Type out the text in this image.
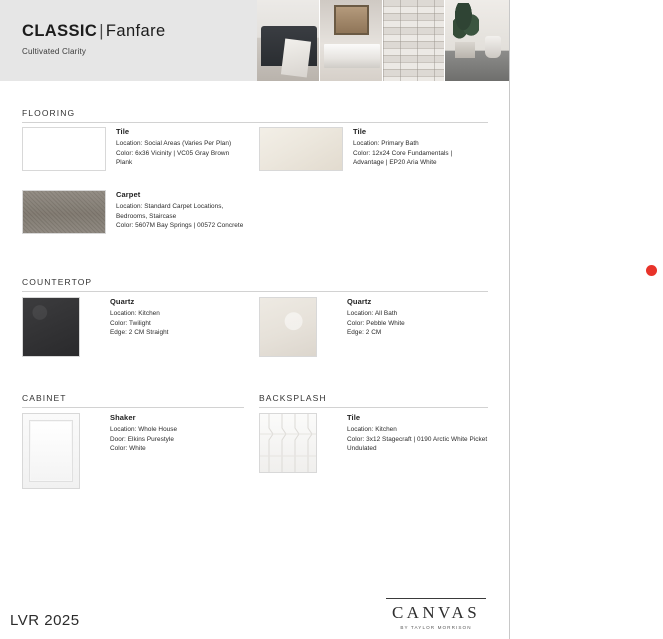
CLASSIC | Fanfare
Cultivated Clarity
FLOORING
Tile
Location: Social Areas (Varies Per Plan)
Color: 6x36 Vicinity | VC05 Gray Brown
Plank
Tile
Location: Primary Bath
Color: 12x24 Core Fundamentals |
Advantage | EP20 Aria White
Carpet
Location: Standard Carpet Locations,
Bedrooms, Staircase
Color: 5607M Bay Springs | 00572 Concrete
COUNTERTOP
Quartz
Location: Kitchen
Color: Twilight
Edge: 2 CM Straight
Quartz
Location: All Bath
Color: Pebble White
Edge: 2 CM
CABINET
Shaker
Location: Whole House
Door: Elkins Purestyle
Color: White
BACKSPLASH
Tile
Location: Kitchen
Color: 3x12 Stagecraft | 0190 Arctic White Picket
Undulated
CANVAS
BY TAYLOR MORRISON
LVR 2025
